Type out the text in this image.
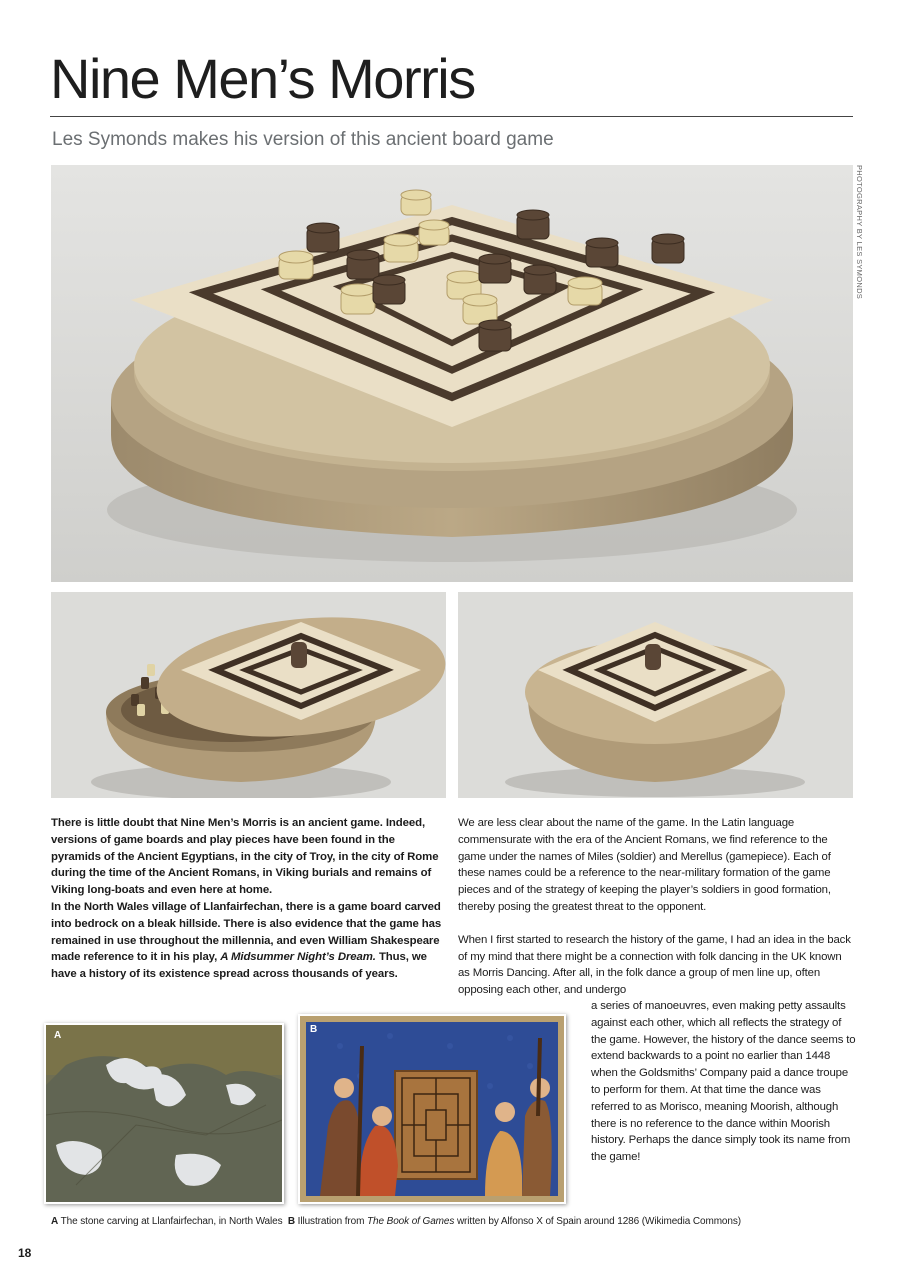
Nine Men’s Morris
Les Symonds makes his version of this ancient board game
PHOTOGRAPHY BY LES SYMONDS

There is little doubt that Nine Men’s Morris is an ancient game. Indeed, versions of game boards and play pieces have been found in the pyramids of the Ancient Egyptians, in the city of Troy, in the city of Rome during the time of the Ancient Romans, in Viking burials and remains of Viking long-boats and even here at home.

In the North Wales village of Llanfairfechan, there is a game board carved into bedrock on a bleak hillside. There is also evidence that the game has remained in use throughout the millennia, and even William Shakespeare made reference to it in his play, A Midsummer Night’s Dream. Thus, we have a history of its existence spread across thousands of years.

We are less clear about the name of the game. In the Latin language commensurate with the era of the Ancient Romans, we find reference to the game under the names of Miles (soldier) and Merellus (gamepiece). Each of these names could be a reference to the near-military formation of the game pieces and of the strategy of keeping the player’s soldiers in good formation, thereby posing the greatest threat to the opponent.

When I first started to research the history of the game, I had an idea in the back of my mind that there might be a connection with folk dancing in the UK known as Morris Dancing. After all, in the folk dance a group of men line up, often opposing each other, and undergo

a series of manoeuvres, even making petty assaults against each other, which all reflects the strategy of the game. However, the history of the dance seems to extend backwards to a point no earlier than 1448 when the Goldsmiths’ Company paid a dance troupe to perform for them. At that time the dance was referred to as Morisco, meaning Moorish, although there is no reference to the dance within Moorish history. Perhaps the dance simply took its name from the game!

A
B
A The stone carving at Llanfairfechan, in North Wales B Illustration from The Book of Games written by Alfonso X of Spain around 1286 (Wikimedia Commons)
18
